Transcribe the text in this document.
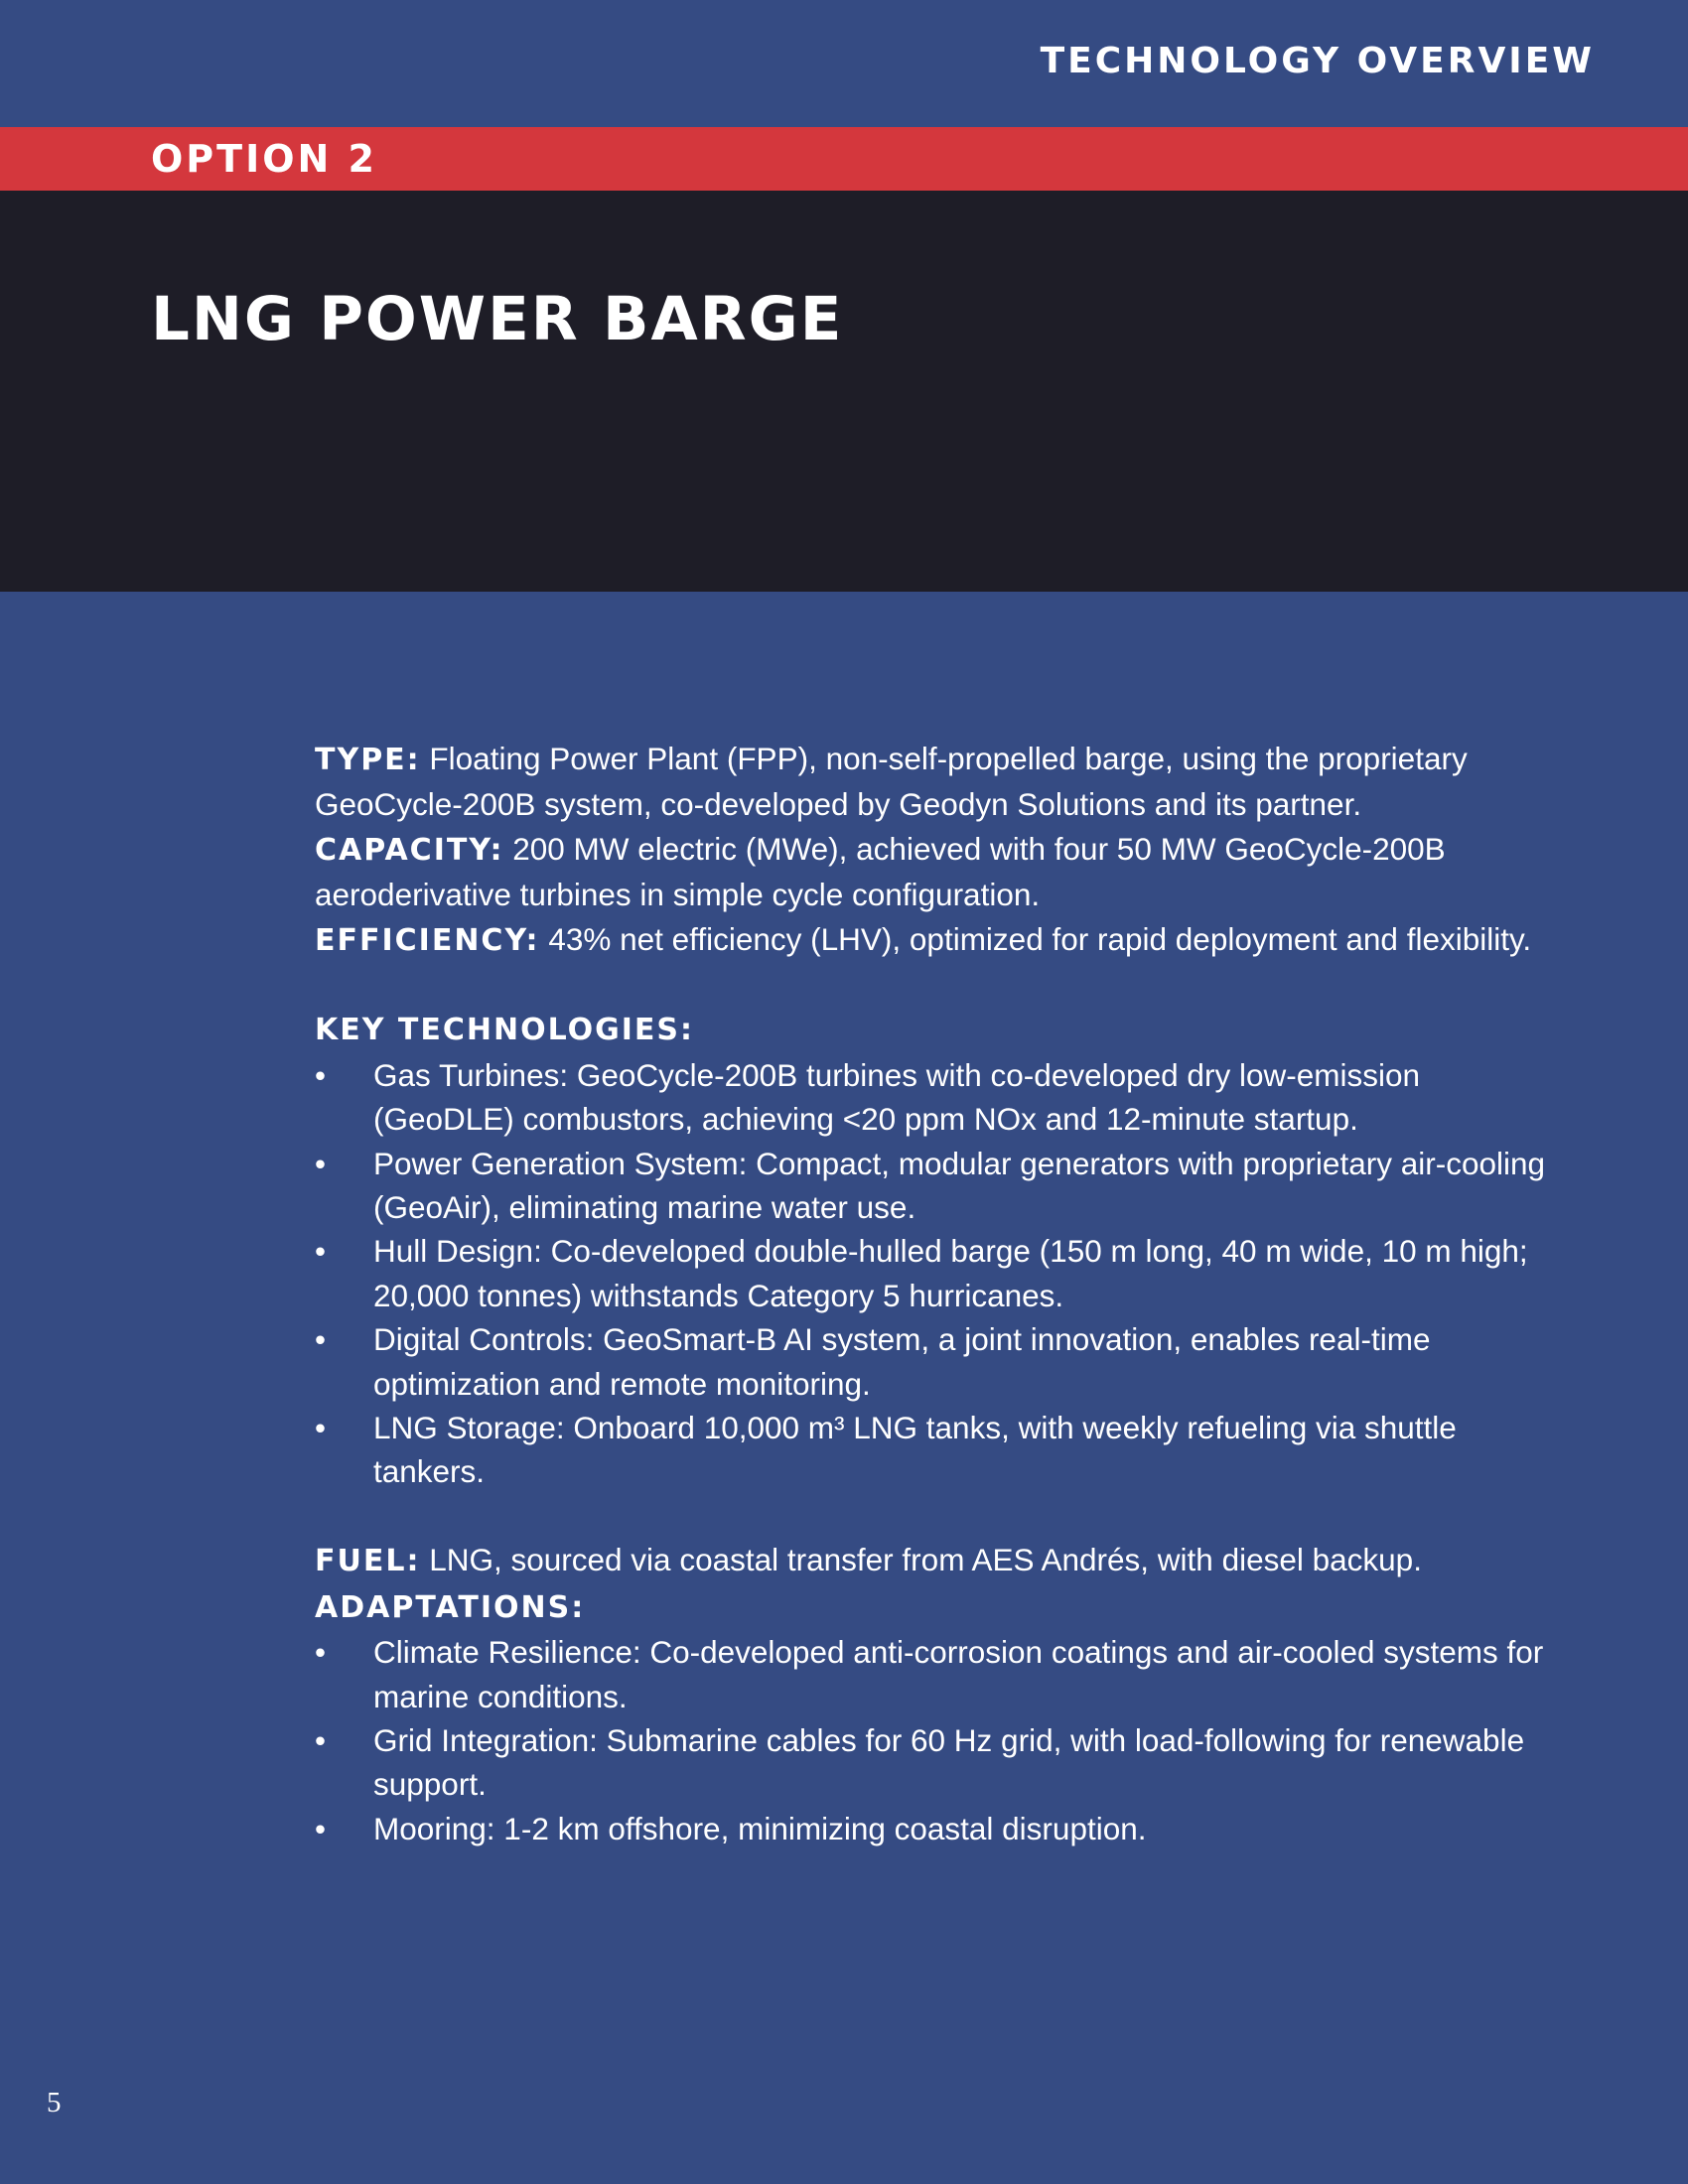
TECHNOLOGY OVERVIEW
OPTION 2
LNG POWER BARGE

TYPE: Floating Power Plant (FPP), non-self-propelled barge, using the proprietary GeoCycle-200B system, co-developed by Geodyn Solutions and its partner.

CAPACITY: 200 MW electric (MWe), achieved with four 50 MW GeoCycle-200B aeroderivative turbines in simple cycle configuration.

EFFICIENCY: 43% net efficiency (LHV), optimized for rapid deployment and flexibility.

KEY TECHNOLOGIES:

• Gas Turbines: GeoCycle-200B turbines with co-developed dry low-emission (GeoDLE) combustors, achieving <20 ppm NOx and 12-minute startup.
• Power Generation System: Compact, modular generators with proprietary air-cooling (GeoAir), eliminating marine water use.
• Hull Design: Co-developed double-hulled barge (150 m long, 40 m wide, 10 m high; 20,000 tonnes) withstands Category 5 hurricanes.
• Digital Controls: GeoSmart-B AI system, a joint innovation, enables real-time optimization and remote monitoring.
• LNG Storage: Onboard 10,000 m³ LNG tanks, with weekly refueling via shuttle tankers.

FUEL: LNG, sourced via coastal transfer from AES Andrés, with diesel backup.

ADAPTATIONS:

• Climate Resilience: Co-developed anti-corrosion coatings and air-cooled systems for marine conditions.
• Grid Integration: Submarine cables for 60 Hz grid, with load-following for renewable support.
• Mooring: 1-2 km offshore, minimizing coastal disruption.
5
